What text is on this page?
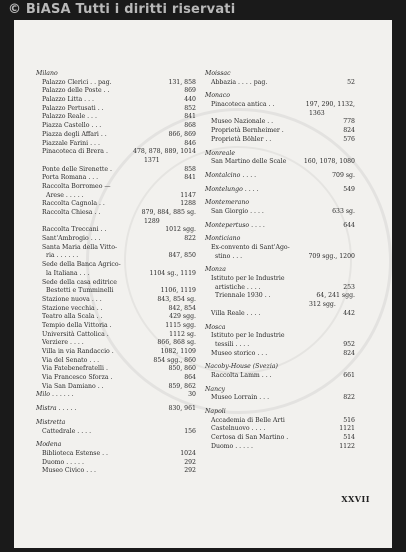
© BiASA Tutti i diritti riservati
XXVII
Milano
Palazzo Clerici . . pag.	131, 858
Palazzo delle Poste . .	869
Palazzo Litta . . .	440
Palazzo Pertusati . .	852
Palazzo Reale . . .	841
Piazza Castello . . .	868
Piazza degli Affari . .	866, 869
Piazzale Farini . . .	846
Pinacoteca di Brera .	478, 878, 889, 1014
1371
Ponte delle Sirenette .	858
Porta Romana . . .	841
Raccolta Borromeo —
Arese . . . . .	1147
Raccolta Cagnola . .	1288
Raccolta Chiesa . .	879, 884, 885 sg.
1289
Raccolta Treccani . .	1012 sgg.
Sant'Ambrogio . . .	822
Santa Maria della Vitto-
ria . . . . . .	847, 850
Sede della Banca Agrico-
la Italiana . . .	1104 sg., 1119
Sede della casa editrice
Bestetti e Tumminelli	1106, 1119
Stazione nuova . . .	843, 854 sg.
Stazione vecchia . .	842, 854
Teatro alla Scala . .	429 sgg.
Tempio della Vittoria .	1115 sgg.
Università Cattolica .	1112 sg.
Verziere . . . .	866, 868 sg.
Villa in via Randaccio .	1082, 1109
Via del Senato . . .	854 sgg., 860
Via Fatebenefratelli .	850, 860
Via Francesco Sforza .	864
Via San Damiano . .	859, 862
Milo . . . . . .	30
Mistra . . . . .	830, 961
Mistretta
Cattedrale . . . .	156
Modena
Biblioteca Estense . .	1024
Duomo . . . . .	292
Museo Civico . . .	292
Moissac
Abbazia . . . . pag.	52
Monaco
Pinacoteca antica . .	197, 290, 1132,
1363
Museo Nazionale . .	778
Proprietà Bernheimer .	824
Proprietà Böhler . .	576
Monreale
San Martino delle Scale	160, 1078, 1080
Montalcino . . . .	709 sg.
Montelungo . . . .	549
Montemerano
San Giorgio . . . .	633 sg.
Montepertuso . . . .	644
Monticiano
Ex-convento di Sant'Ago-
stino . . .	709 sgg., 1200
Monza
Istituto per le Industrie
artistiche . . . .	253
Triennale 1930 . .	64, 241 sgg.
312 sgg.
Villa Reale . . . .	442
Mosca
Istituto per le Industrie
tessili . . . .	952
Museo storico . . .	824
Nacoby-House (Svezia)
Raccolta Lamm . . .	661
Nancy
Museo Lorrain . . .	822
Napoli
Accademia di Belle Arti	516
Castelnuovo . . . .	1121
Certosa di San Martino .	514
Duomo . . . . .	1122
